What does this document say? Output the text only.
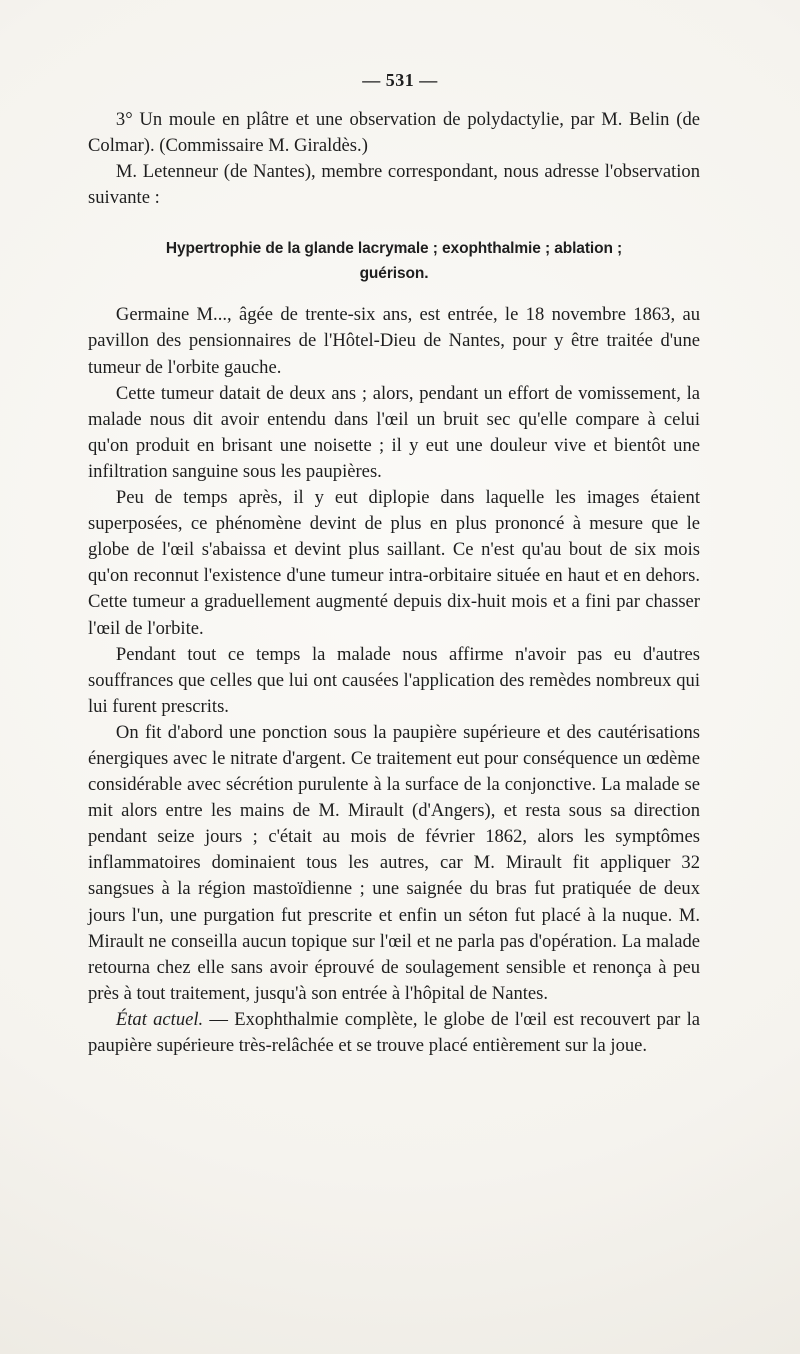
— 531 —

3° Un moule en plâtre et une observation de polydactylie, par M. Belin (de Colmar). (Commissaire M. Giraldès.)

M. Letenneur (de Nantes), membre correspondant, nous adresse l'observation suivante :

Hypertrophie de la glande lacrymale ; exophthalmie ; ablation ;
guérison.

Germaine M..., âgée de trente-six ans, est entrée, le 18 novembre 1863, au pavillon des pensionnaires de l'Hôtel-Dieu de Nantes, pour y être traitée d'une tumeur de l'orbite gauche.

Cette tumeur datait de deux ans ; alors, pendant un effort de vomissement, la malade nous dit avoir entendu dans l'œil un bruit sec qu'elle compare à celui qu'on produit en brisant une noisette ; il y eut une douleur vive et bientôt une infiltration sanguine sous les paupières.

Peu de temps après, il y eut diplopie dans laquelle les images étaient superposées, ce phénomène devint de plus en plus prononcé à mesure que le globe de l'œil s'abaissa et devint plus saillant. Ce n'est qu'au bout de six mois qu'on reconnut l'existence d'une tumeur intra-orbitaire située en haut et en dehors. Cette tumeur a graduellement augmenté depuis dix-huit mois et a fini par chasser l'œil de l'orbite.

Pendant tout ce temps la malade nous affirme n'avoir pas eu d'autres souffrances que celles que lui ont causées l'application des remèdes nombreux qui lui furent prescrits.

On fit d'abord une ponction sous la paupière supérieure et des cautérisations énergiques avec le nitrate d'argent. Ce traitement eut pour conséquence un œdème considérable avec sécrétion purulente à la surface de la conjonctive. La malade se mit alors entre les mains de M. Mirault (d'Angers), et resta sous sa direction pendant seize jours ; c'était au mois de février 1862, alors les symptômes inflammatoires dominaient tous les autres, car M. Mirault fit appliquer 32 sangsues à la région mastoïdienne ; une saignée du bras fut pratiquée de deux jours l'un, une purgation fut prescrite et enfin un séton fut placé à la nuque. M. Mirault ne conseilla aucun topique sur l'œil et ne parla pas d'opération. La malade retourna chez elle sans avoir éprouvé de soulagement sensible et renonça à peu près à tout traitement, jusqu'à son entrée à l'hôpital de Nantes.

État actuel. — Exophthalmie complète, le globe de l'œil est recouvert par la paupière supérieure très-relâchée et se trouve placé entièrement sur la joue.
